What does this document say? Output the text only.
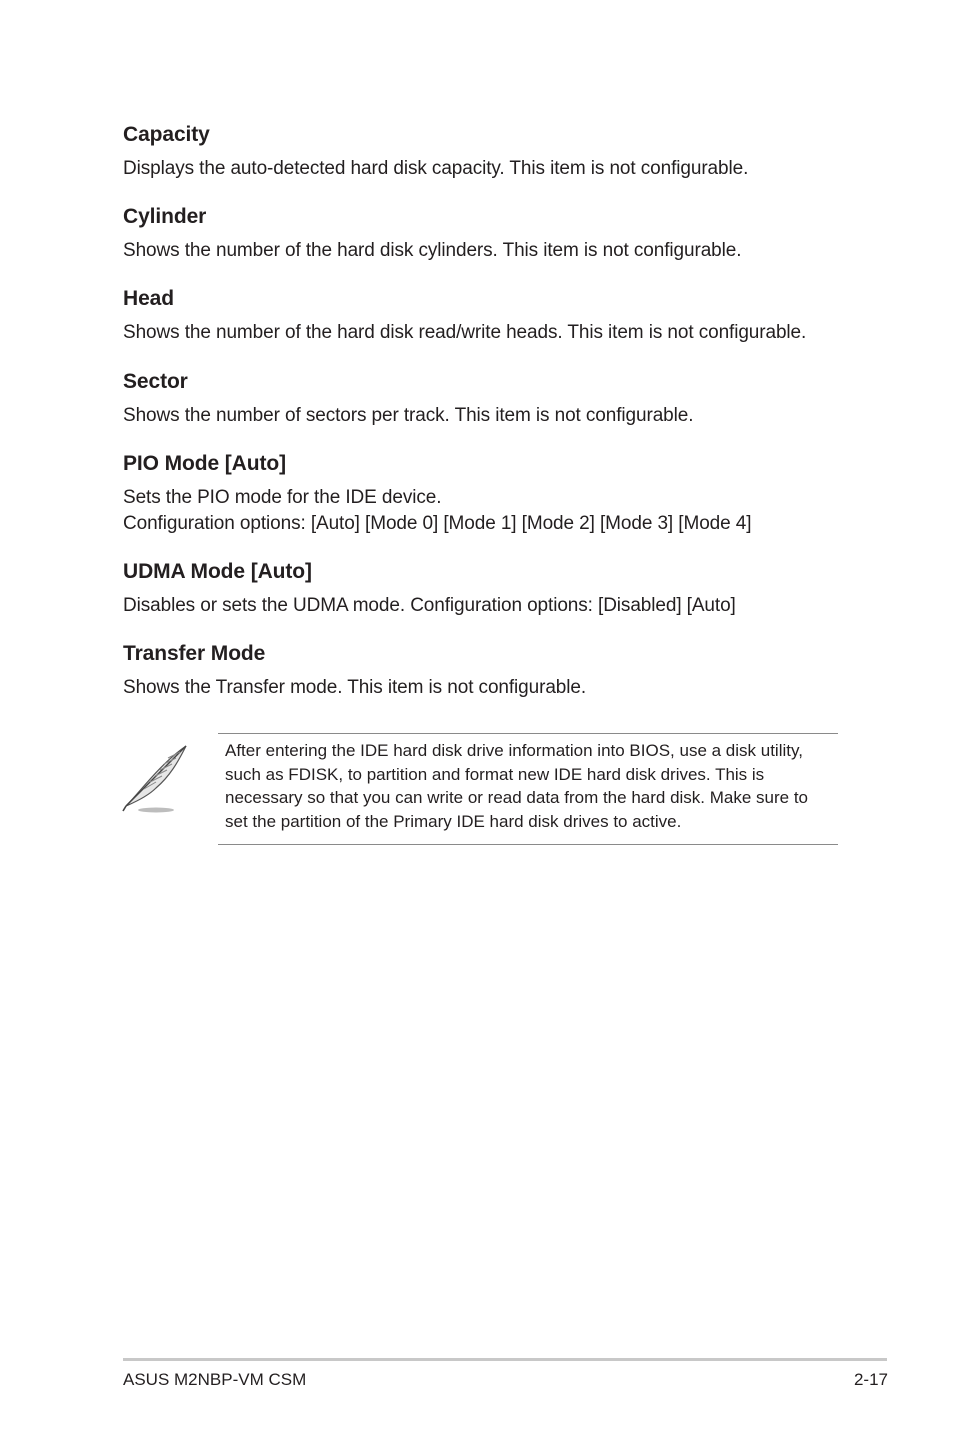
Capacity

Displays the auto-detected hard disk capacity. This item is not configurable.

Cylinder

Shows the number of the hard disk cylinders. This item is not configurable.

Head

Shows the number of the hard disk read/write heads. This item is not configurable.

Sector

Shows the number of sectors per track. This item is not configurable.

PIO Mode [Auto]

Sets the PIO mode for the IDE device.

Configuration options: [Auto] [Mode 0] [Mode 1] [Mode 2] [Mode 3] [Mode 4]

UDMA Mode [Auto]

Disables or sets the UDMA mode. Configuration options: [Disabled] [Auto]

Transfer Mode

Shows the Transfer mode. This item is not configurable.

After entering the IDE hard disk drive information into BIOS, use a disk utility,
such as FDISK, to partition and format new IDE hard disk drives. This is
necessary so that you can write or read data from the hard disk. Make sure to
set the partition of the Primary IDE hard disk drives to active.

ASUS M2NBP-VM CSM	2-17
